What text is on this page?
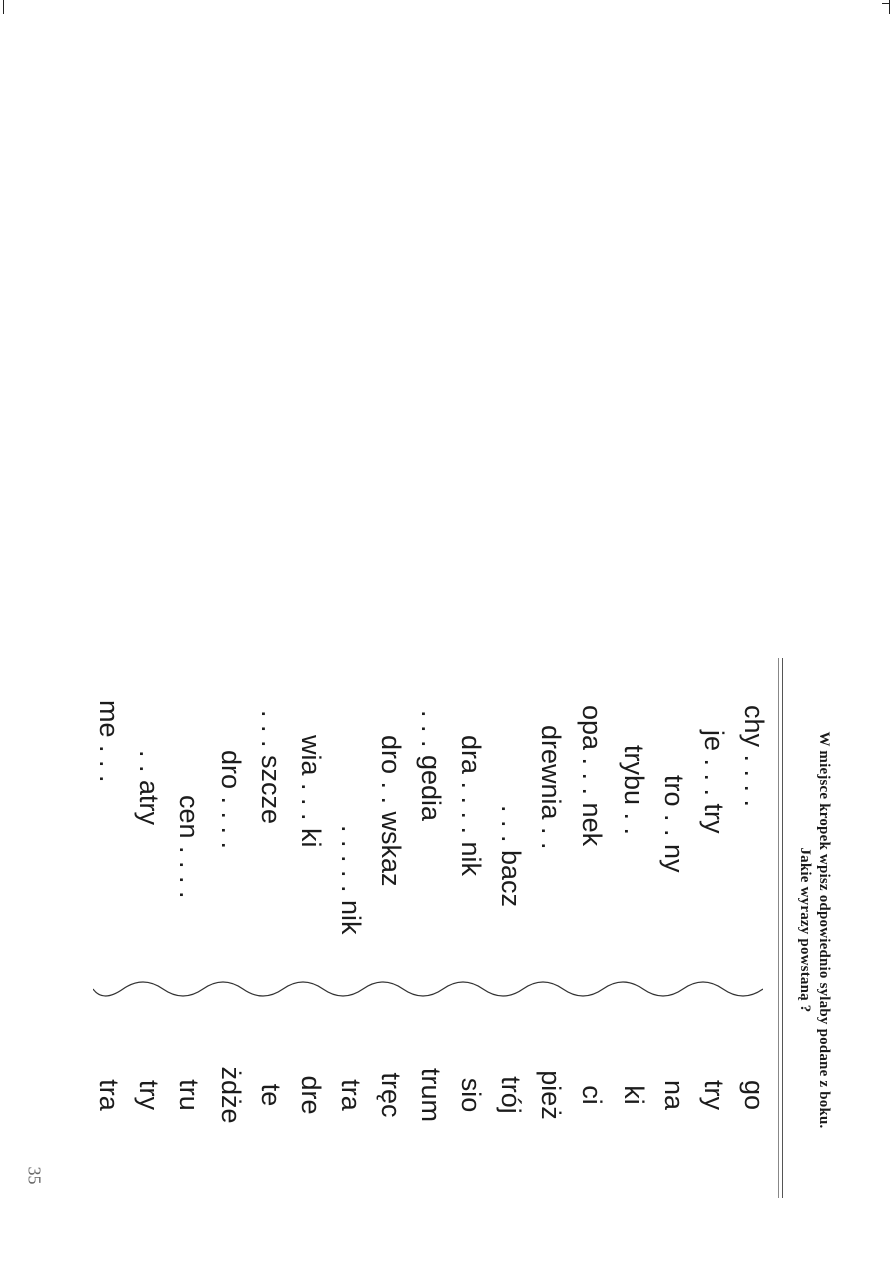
W miejsce kropek wpisz odpowiednio sylaby podane z boku.
Jakie wyrazy powstaną ?
chy . . . .
je . . . try
tro . . ny
trybu . .
opa . . . nek
drewnia . .
. . . bacz
dra . . . . nik
. . . gedia
. . . . . nik dro . . wskaz
wia . . . ki
. . . szcze
dro . . . .
cen . . . .
. . atry
me . . .
go
try
na
ki
ci
pież
trój
sio
trum
tręc
tra
dre
te
żdże
tru
try
tra
35
